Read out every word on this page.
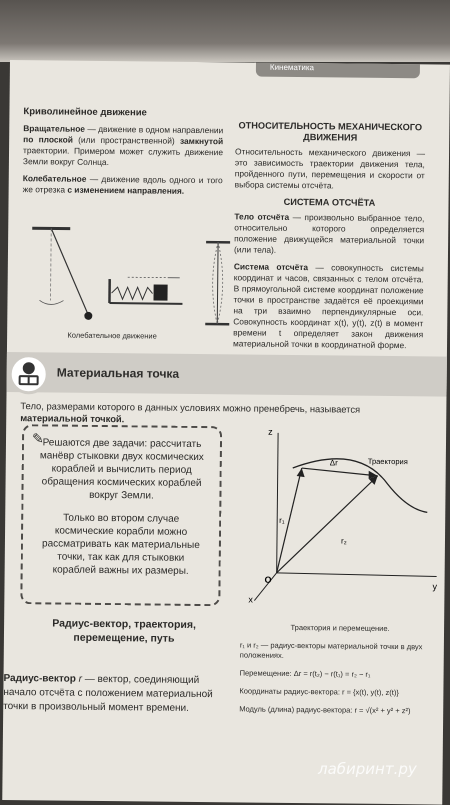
Кинематика
Криволинейное движение

Вращательное — движение в одном направлении по плоской (или пространственной) замкнутой траектории. Примером может служить движение Земли вокруг Солнца.

Колебательное — движение вдоль одного и того же отрезка с изменением направления.

Колебательное движение
ОТНОСИТЕЛЬНОСТЬ МЕХАНИЧЕСКОГО ДВИЖЕНИЯ

Относительность механического движения — это зависимость траектории движения тела, пройденного пути, перемещения и скорости от выбора системы отсчёта.

СИСТЕМА ОТСЧЁТА

Тело отсчёта — произвольно выбранное тело, относительно которого определяется положение движущейся материальной точки (или тела).

Система отсчёта — совокупность системы координат и часов, связанных с телом отсчёта. В прямоугольной системе координат положение точки в пространстве задаётся её проекциями на три взаимно перпендикулярные оси. Совокупность координат x(t), y(t), z(t) в момент времени t определяет закон движения материальной точки в координатной форме.

Материальная точка
Тело, размерами которого в данных условиях можно пренебречь, называется материальной точкой.
✎

Решаются две задачи: рассчитать манёвр стыковки двух космических кораблей и вычислить период обращения космических кораблей вокруг Земли.

Только во втором случае космические корабли можно рассматривать как материальные точки, так как для стыковки кораблей важны их размеры.

z
y
x
O
Траектория
r₁
r₂
Δr
Траектория и перемещение.
r₁ и r₂ — радиус-векторы материальной точки в двух положениях.
Перемещение: Δr = r(t₂) − r(t₁) = r₂ − r₁
Координаты радиус-вектора: r = {x(t), y(t), z(t)}
Модуль (длина) радиус-вектора: r = √(x² + y² + z²)
Радиус-вектор, траектория, перемещение, путь
Радиус-вектор r — вектор, соединяющий начало отсчёта с положением материальной точки в произвольный момент времени.
лабиринт.ру
